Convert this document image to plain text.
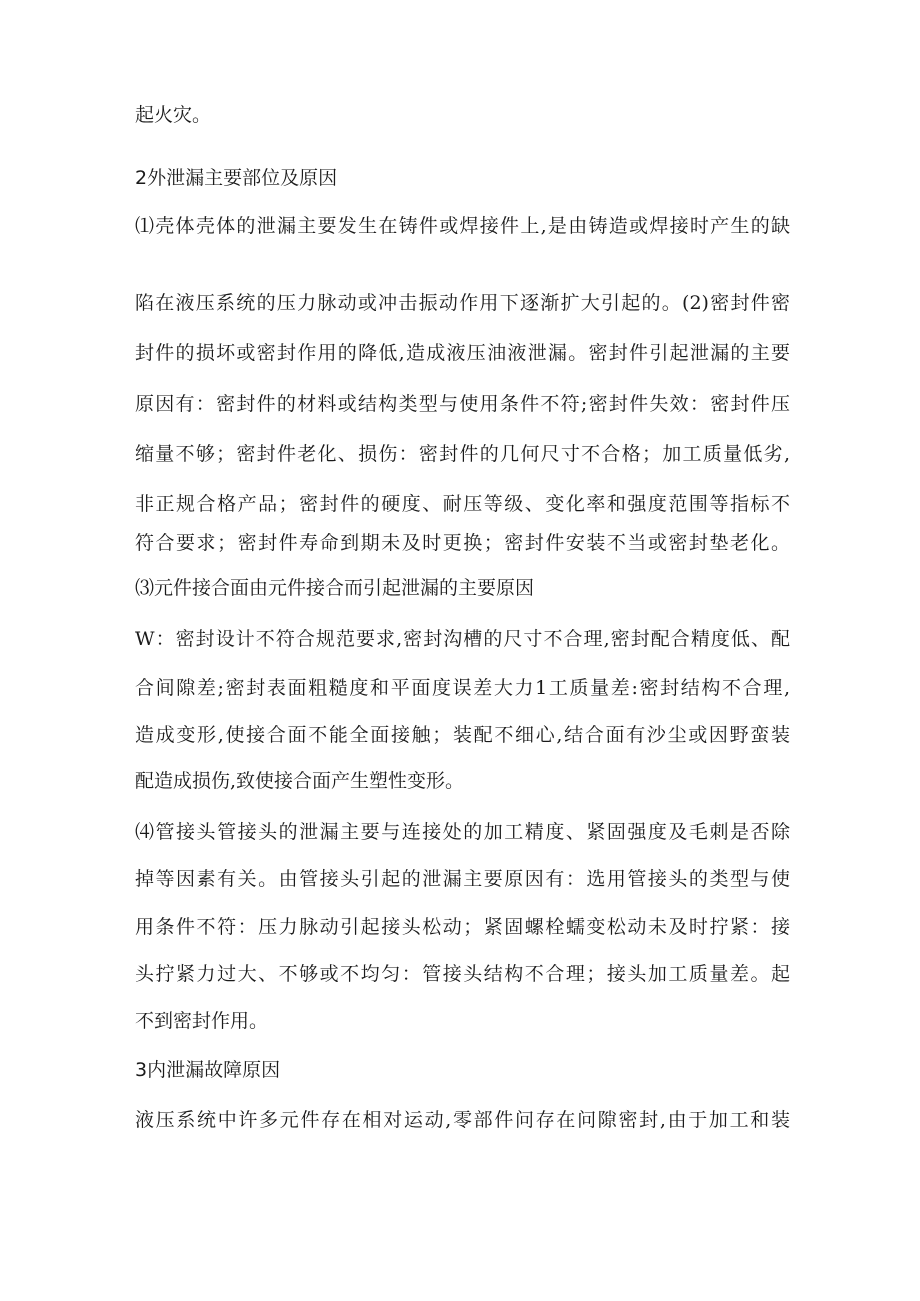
起火灾。

2外泄漏主要部位及原因

⑴壳体壳体的泄漏主要发生在铸件或焊接件上,是由铸造或焊接时产生的缺

陷在液压系统的压力脉动或冲击振动作用下逐渐扩大引起的。(2)密封件密

封件的损坏或密封作用的降低,造成液压油液泄漏。密封件引起泄漏的主要

原因有：密封件的材料或结构类型与使用条件不符;密封件失效：密封件压

缩量不够；密封件老化、损伤：密封件的几何尺寸不合格；加工质量低劣,

非正规合格产品；密封件的硬度、耐压等级、变化率和强度范围等指标不

符合要求；密封件寿命到期未及时更换；密封件安装不当或密封垫老化。

⑶元件接合面由元件接合而引起泄漏的主要原因

W：密封设计不符合规范要求,密封沟槽的尺寸不合理,密封配合精度低、配

合间隙差;密封表面粗糙度和平面度误差大力1工质量差:密封结构不合理,

造成变形,使接合面不能全面接触；装配不细心,结合面有沙尘或因野蛮装

配造成损伤,致使接合面产生塑性变形。

⑷管接头管接头的泄漏主要与连接处的加工精度、紧固强度及毛刺是否除

掉等因素有关。由管接头引起的泄漏主要原因有：选用管接头的类型与使

用条件不符：压力脉动引起接头松动；紧固螺栓蠕变松动未及时拧紧：接

头拧紧力过大、不够或不均匀：管接头结构不合理；接头加工质量差。起

不到密封作用。

3内泄漏故障原因

液压系统中许多元件存在相对运动,零部件问存在问隙密封,由于加工和装
